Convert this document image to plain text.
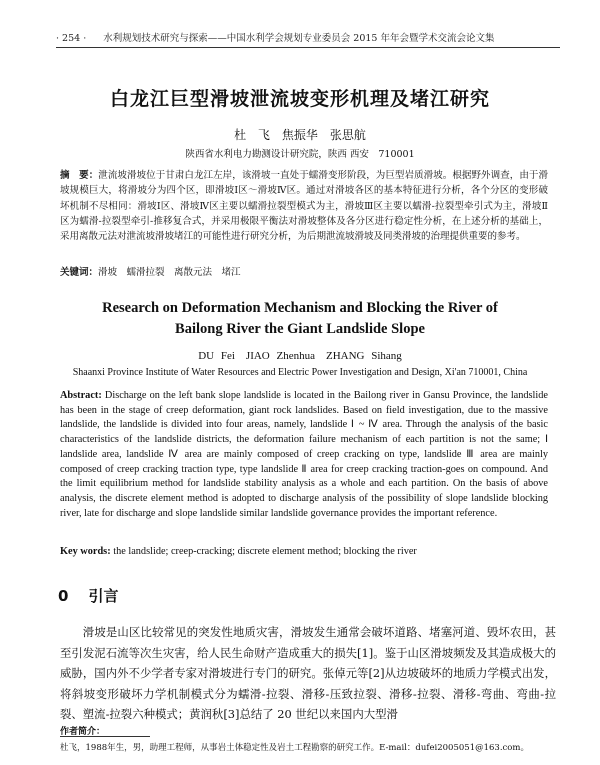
· 254 · 水利规划技术研究与探索——中国水利学会规划专业委员会 2015 年年会暨学术交流会论文集
白龙江巨型滑坡泄流坡变形机理及堵江研究
杜 飞　焦振华　张思航
陕西省水利电力勘测设计研究院，陕西 西安　710001
摘　要：泄流坡滑坡位于甘肃白龙江左岸，该滑坡一直处于蠕滑变形阶段，为巨型岩质滑坡。根据野外调查，由于滑坡规模巨大，将滑坡分为四个区，即滑坡Ⅰ区～滑坡Ⅳ区。通过对滑坡各区的基本特征进行分析，各个分区的变形破坏机制不尽相同：滑坡Ⅰ区、滑坡Ⅳ区主要以蠕滑拉裂型模式为主，滑坡Ⅲ区主要以蠕滑-拉裂型牵引式为主，滑坡Ⅱ区为蠕滑-拉裂型牵引-推移复合式，并采用极限平衡法对滑坡整体及各分区进行稳定性分析，在上述分析的基础上，采用离散元法对泄流坡滑坡堵江的可能性进行研究分析，为后期泄流坡滑坡及同类滑坡的治理提供重要的参考。
关键词：滑坡　蠕滑拉裂　离散元法　堵江
Research on Deformation Mechanism and Blocking the River of
Bailong River the Giant Landslide Slope
DU Fei　JIAO Zhenhua　ZHANG Sihang
Shaanxi Province Institute of Water Resources and Electric Power Investigation and Design, Xi'an 710001, China
Abstract: Discharge on the left bank slope landslide is located in the Bailong river in Gansu Province, the landslide has been in the stage of creep deformation, giant rock landslides. Based on field investigation, due to the massive landslide, the landslide is divided into four areas, namely, landslide Ⅰ ~ Ⅳ area. Through the analysis of the basic characteristics of the landslide districts, the deformation failure mechanism of each partition is not the same; Ⅰ landslide area, landslide Ⅳ area are mainly composed of creep cracking on type, landslide Ⅲ area are mainly composed of creep cracking traction type, type landslide Ⅱ area for creep cracking traction-goes on compound. And the limit equilibrium method for landslide stability analysis as a whole and each partition. On the basis of above analysis, the discrete element method is adopted to discharge analysis of the possibility of slope landslide blocking river, late for discharge and slope landslide similar landslide governance provides the important reference.
Key words: the landslide; creep-cracking; discrete element method; blocking the river
0 引言
滑坡是山区比较常见的突发性地质灾害，滑坡发生通常会破坏道路、堵塞河道、毁坏农田，甚至引发泥石流等次生灾害，给人民生命财产造成重大的损失[1]。鉴于山区滑坡频发及其造成极大的威胁，国内外不少学者专家对滑坡进行专门的研究。张倬元等[2]从边坡破坏的地质力学模式出发，将斜坡变形破坏力学机制模式分为蠕滑-拉裂、滑移-压致拉裂、滑移-拉裂、滑移-弯曲、弯曲-拉裂、塑流-拉裂六种模式；黄润秋[3]总结了 20 世纪以来国内大型滑
作者简介：
杜飞，1988年生，男，助理工程师，从事岩土体稳定性及岩土工程勘察的研究工作。E-mail：dufei2005051@163.com。
